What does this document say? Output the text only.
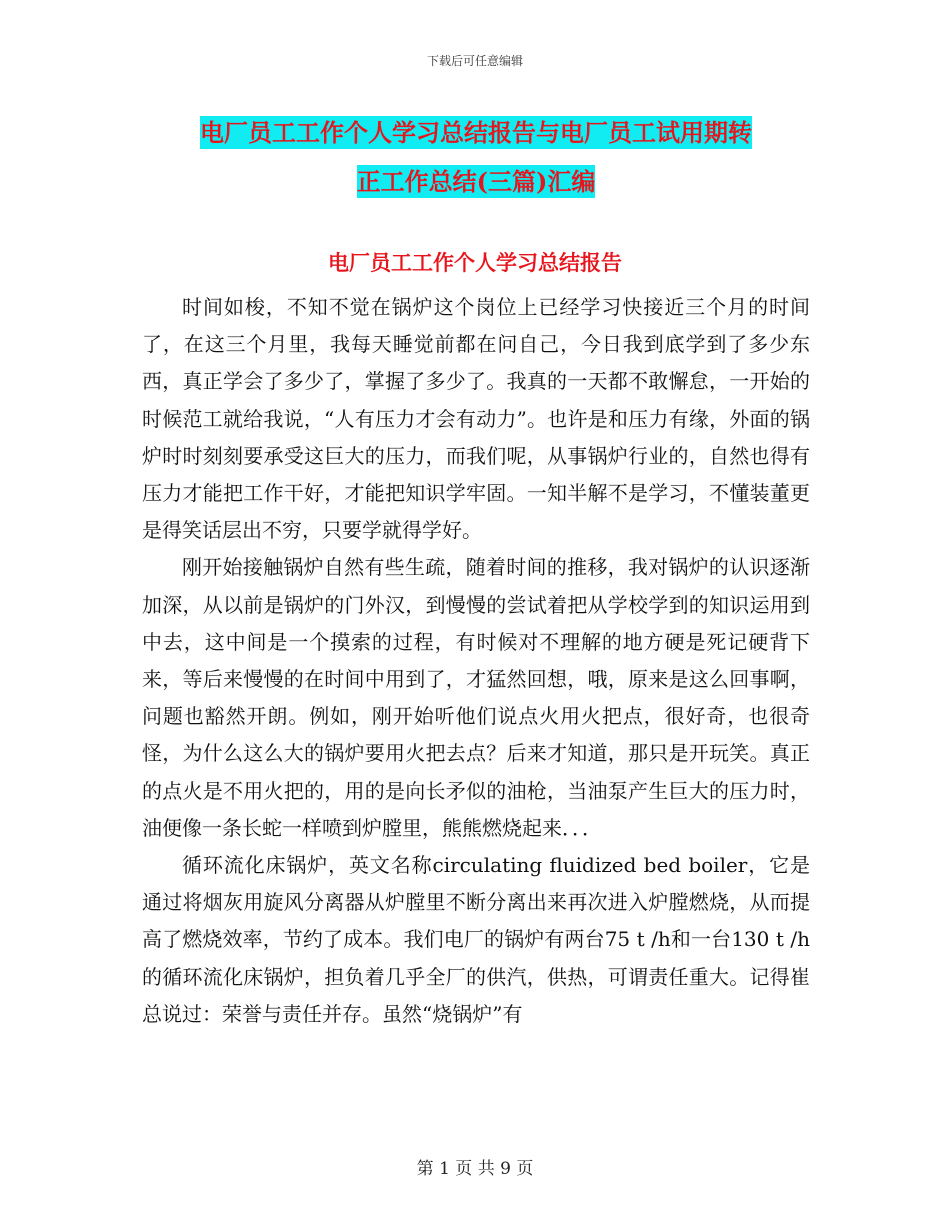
下载后可任意编辑
电厂员工工作个人学习总结报告与电厂员工试用期转
正工作总结(三篇)汇编
电厂员工工作个人学习总结报告

时间如梭，不知不觉在锅炉这个岗位上已经学习快接近三个月的时间了，在这三个月里，我每天睡觉前都在问自己，今日我到底学到了多少东西，真正学会了多少了，掌握了多少了。我真的一天都不敢懈怠，一开始的时候范工就给我说，“人有压力才会有动力”。也许是和压力有缘，外面的锅炉时时刻刻要承受这巨大的压力，而我们呢，从事锅炉行业的，自然也得有压力才能把工作干好，才能把知识学牢固。一知半解不是学习，不懂装董更是得笑话层出不穷，只要学就得学好。

刚开始接触锅炉自然有些生疏，随着时间的推移，我对锅炉的认识逐渐加深，从以前是锅炉的门外汉，到慢慢的尝试着把从学校学到的知识运用到中去，这中间是一个摸索的过程，有时候对不理解的地方硬是死记硬背下来，等后来慢慢的在时间中用到了，才猛然回想，哦，原来是这么回事啊，问题也豁然开朗。例如，刚开始听他们说点火用火把点，很好奇，也很奇怪，为什么这么大的锅炉要用火把去点？后来才知道，那只是开玩笑。真正的点火是不用火把的，用的是向长矛似的油枪，当油泵产生巨大的压力时，油便像一条长蛇一样喷到炉膛里，熊熊燃烧起来．．．

循环流化床锅炉，英文名称circulating fluidized bed boiler，它是通过将烟灰用旋风分离器从炉膛里不断分离出来再次进入炉膛燃烧，从而提高了燃烧效率，节约了成本。我们电厂的锅炉有两台75 t /h和一台130 t /h的循环流化床锅炉，担负着几乎全厂的供汽，供热，可谓责任重大。记得崔总说过：荣誉与责任并存。虽然“烧锅炉”有

第 1 页 共 9 页
